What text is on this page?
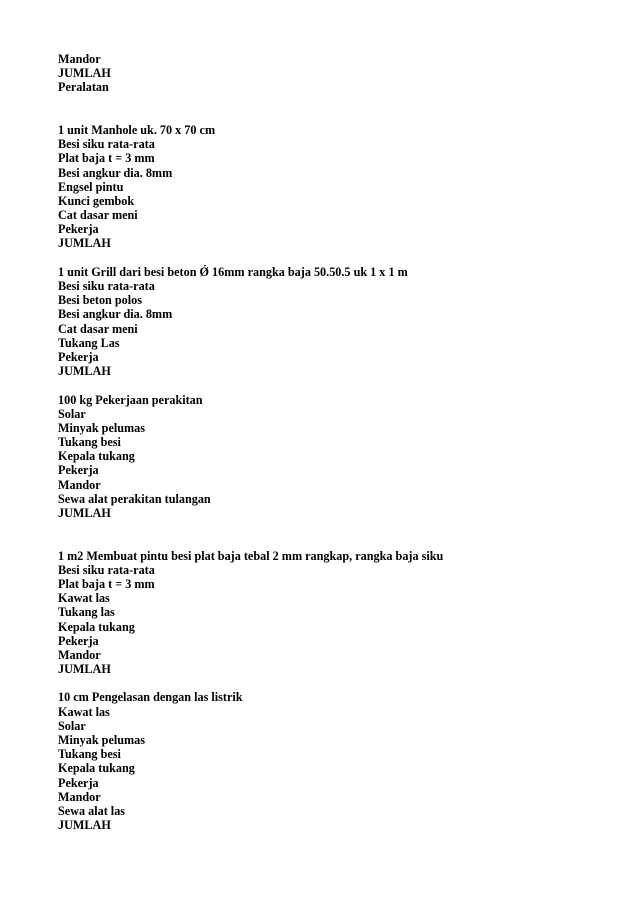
Mandor
JUMLAH
Peralatan
1 unit Manhole uk. 70 x 70 cm
Besi siku rata-rata
Plat baja t = 3 mm
Besi angkur dia. 8mm
Engsel pintu
Kunci gembok
Cat dasar meni
Pekerja
JUMLAH
1 unit Grill dari besi beton Ǿ 16mm rangka baja 50.50.5 uk 1 x 1 m
Besi siku rata-rata
Besi beton polos
Besi angkur dia. 8mm
Cat dasar meni
Tukang Las
Pekerja
JUMLAH
100 kg Pekerjaan perakitan
Solar
Minyak pelumas
Tukang besi
Kepala tukang
Pekerja
Mandor
Sewa alat perakitan tulangan
JUMLAH
1 m2 Membuat pintu besi plat baja tebal 2 mm rangkap, rangka baja siku
Besi siku rata-rata
Plat baja t = 3 mm
Kawat las
Tukang las
Kepala tukang
Pekerja
Mandor
JUMLAH
10 cm Pengelasan dengan las listrik
Kawat las
Solar
Minyak pelumas
Tukang besi
Kepala tukang
Pekerja
Mandor
Sewa alat las
JUMLAH
